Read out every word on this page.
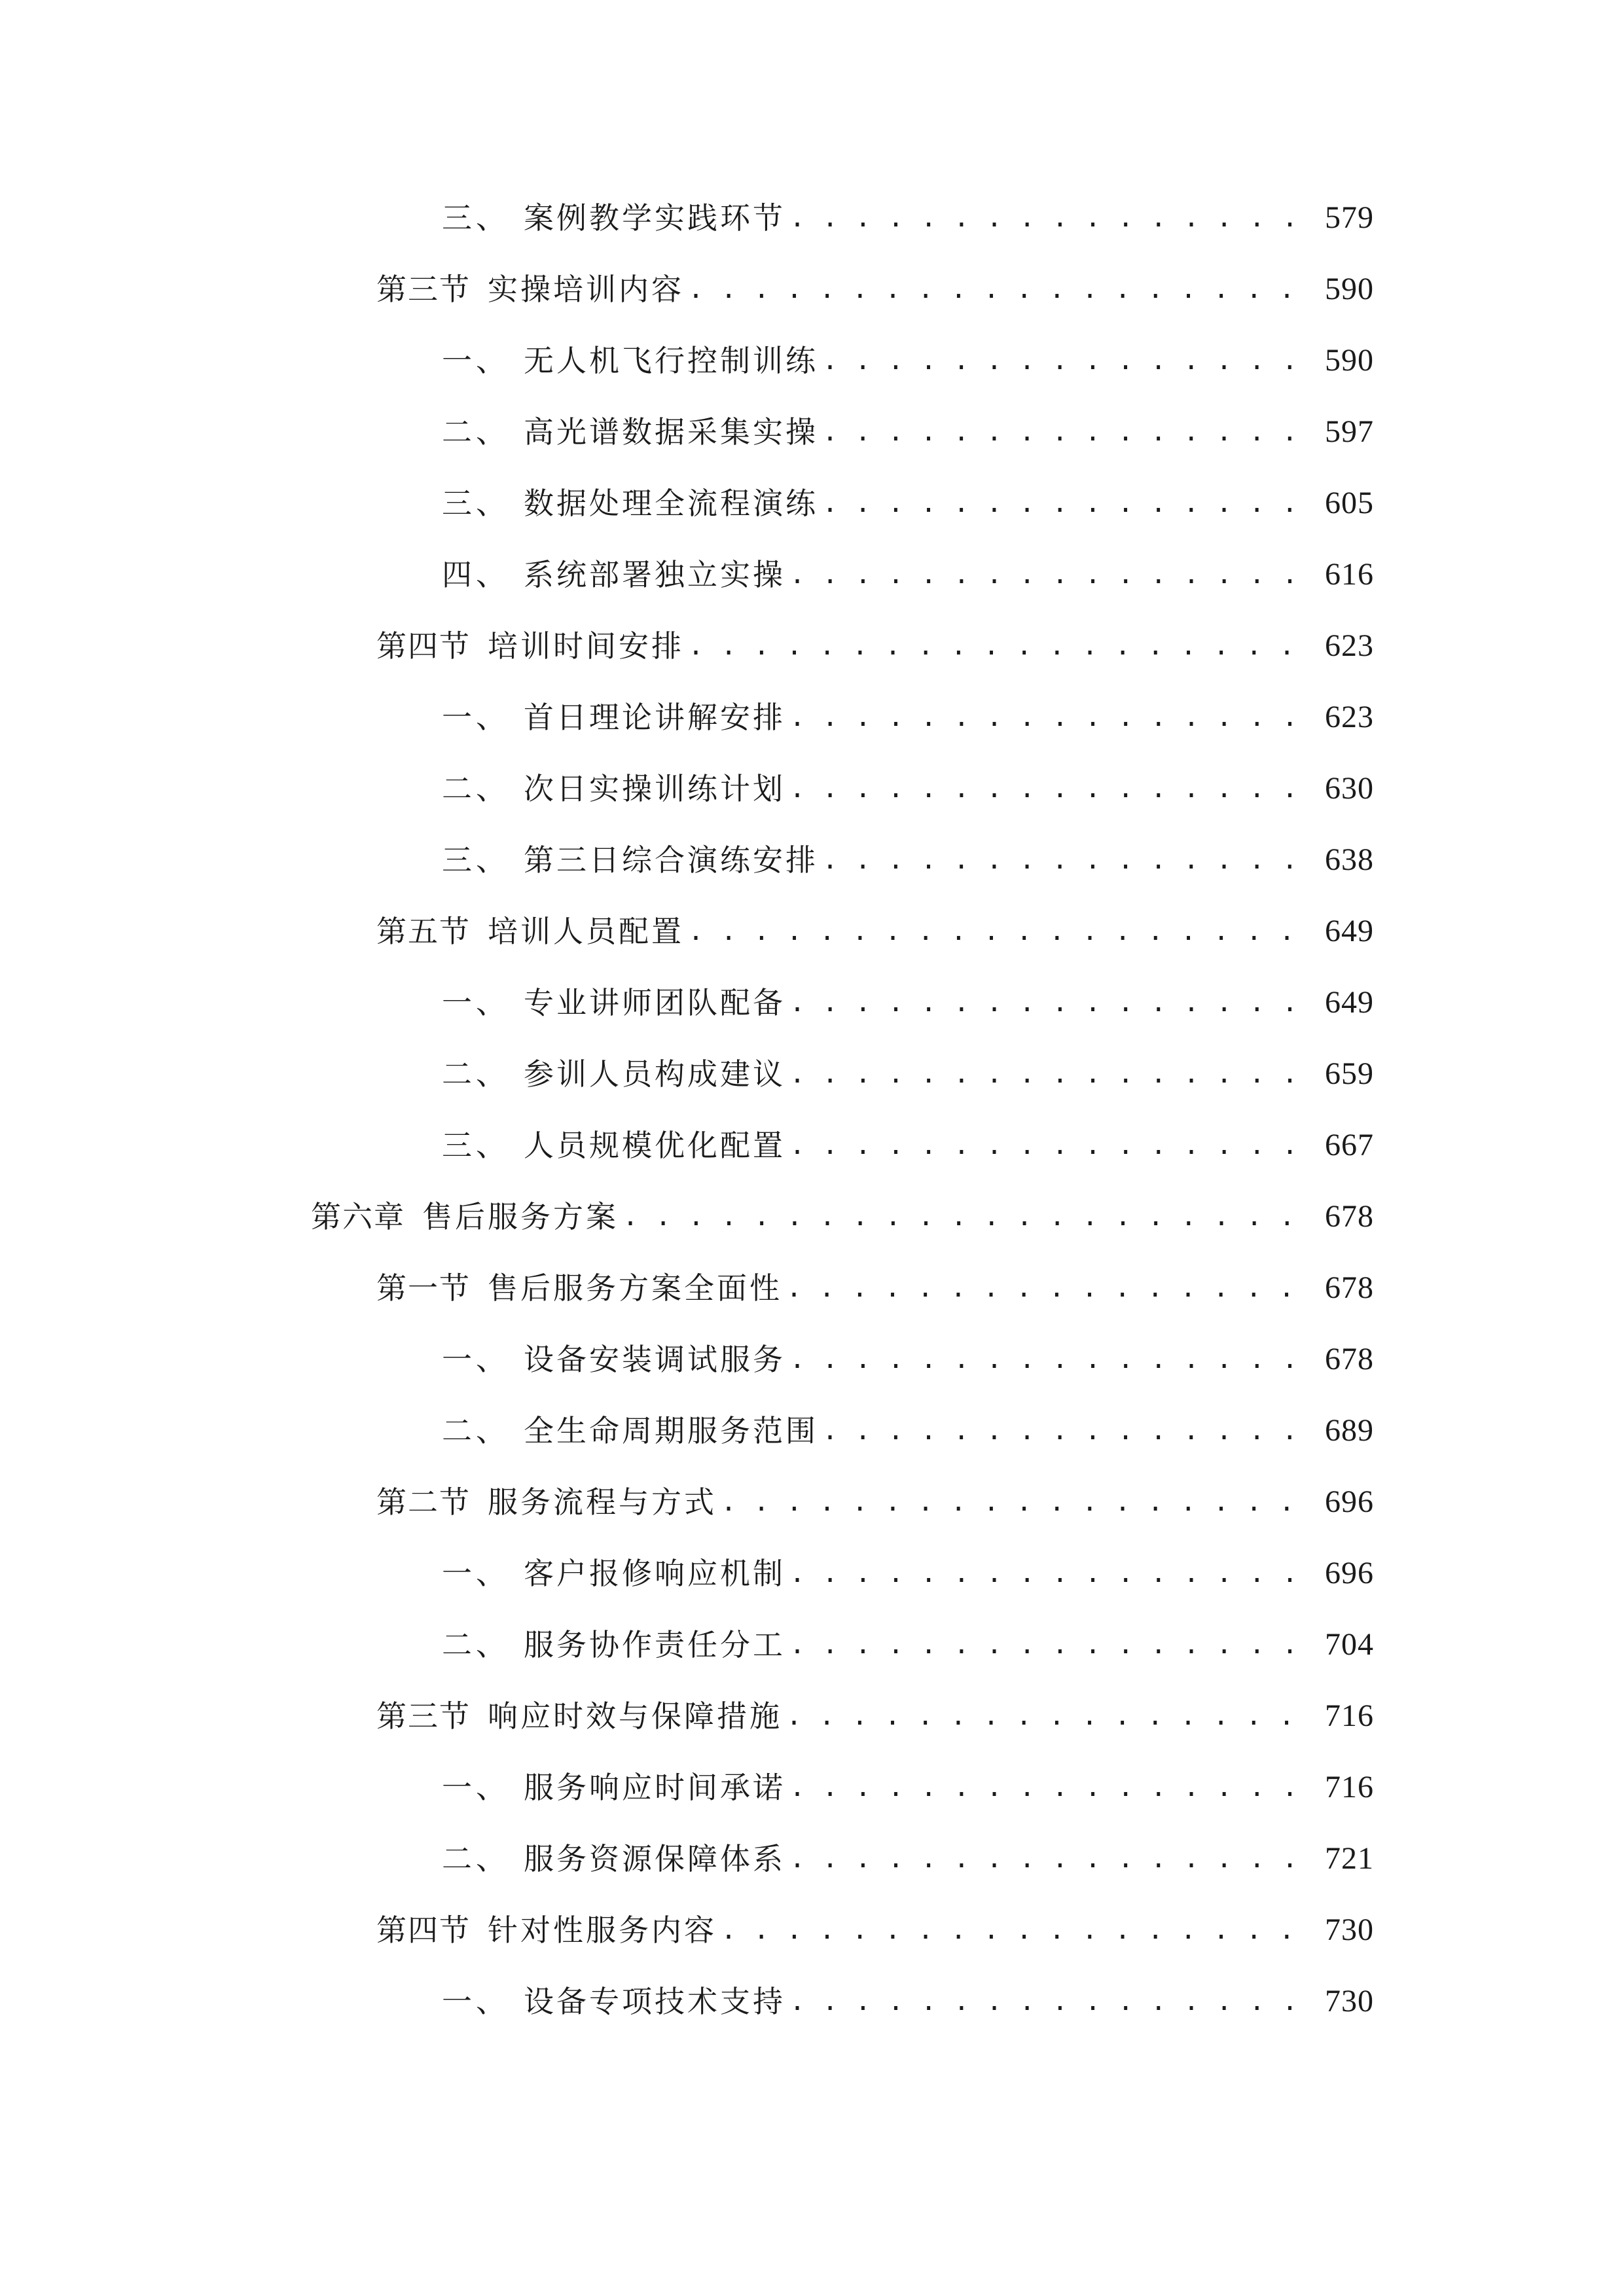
三、 案例教学实践环节 . . .	579
第三节 实操培训内容 . . .	590
一、 无人机飞行控制训练 . . .	590
二、 高光谱数据采集实操 . . .	597
三、 数据处理全流程演练 . . .	605
四、 系统部署独立实操 . . .	616
第四节 培训时间安排 . . .	623
一、 首日理论讲解安排 . . .	623
二、 次日实操训练计划 . . .	630
三、 第三日综合演练安排 . . .	638
第五节 培训人员配置 . . .	649
一、 专业讲师团队配备 . . .	649
二、 参训人员构成建议 . . .	659
三、 人员规模优化配置 . . .	667
第六章 售后服务方案 . . .	678
第一节 售后服务方案全面性 . . .	678
一、 设备安装调试服务 . . .	678
二、 全生命周期服务范围 . . .	689
第二节 服务流程与方式 . . .	696
一、 客户报修响应机制 . . .	696
二、 服务协作责任分工 . . .	704
第三节 响应时效与保障措施 . . .	716
一、 服务响应时间承诺 . . .	716
二、 服务资源保障体系 . . .	721
第四节 针对性服务内容 . . .	730
一、 设备专项技术支持 . . .	730
